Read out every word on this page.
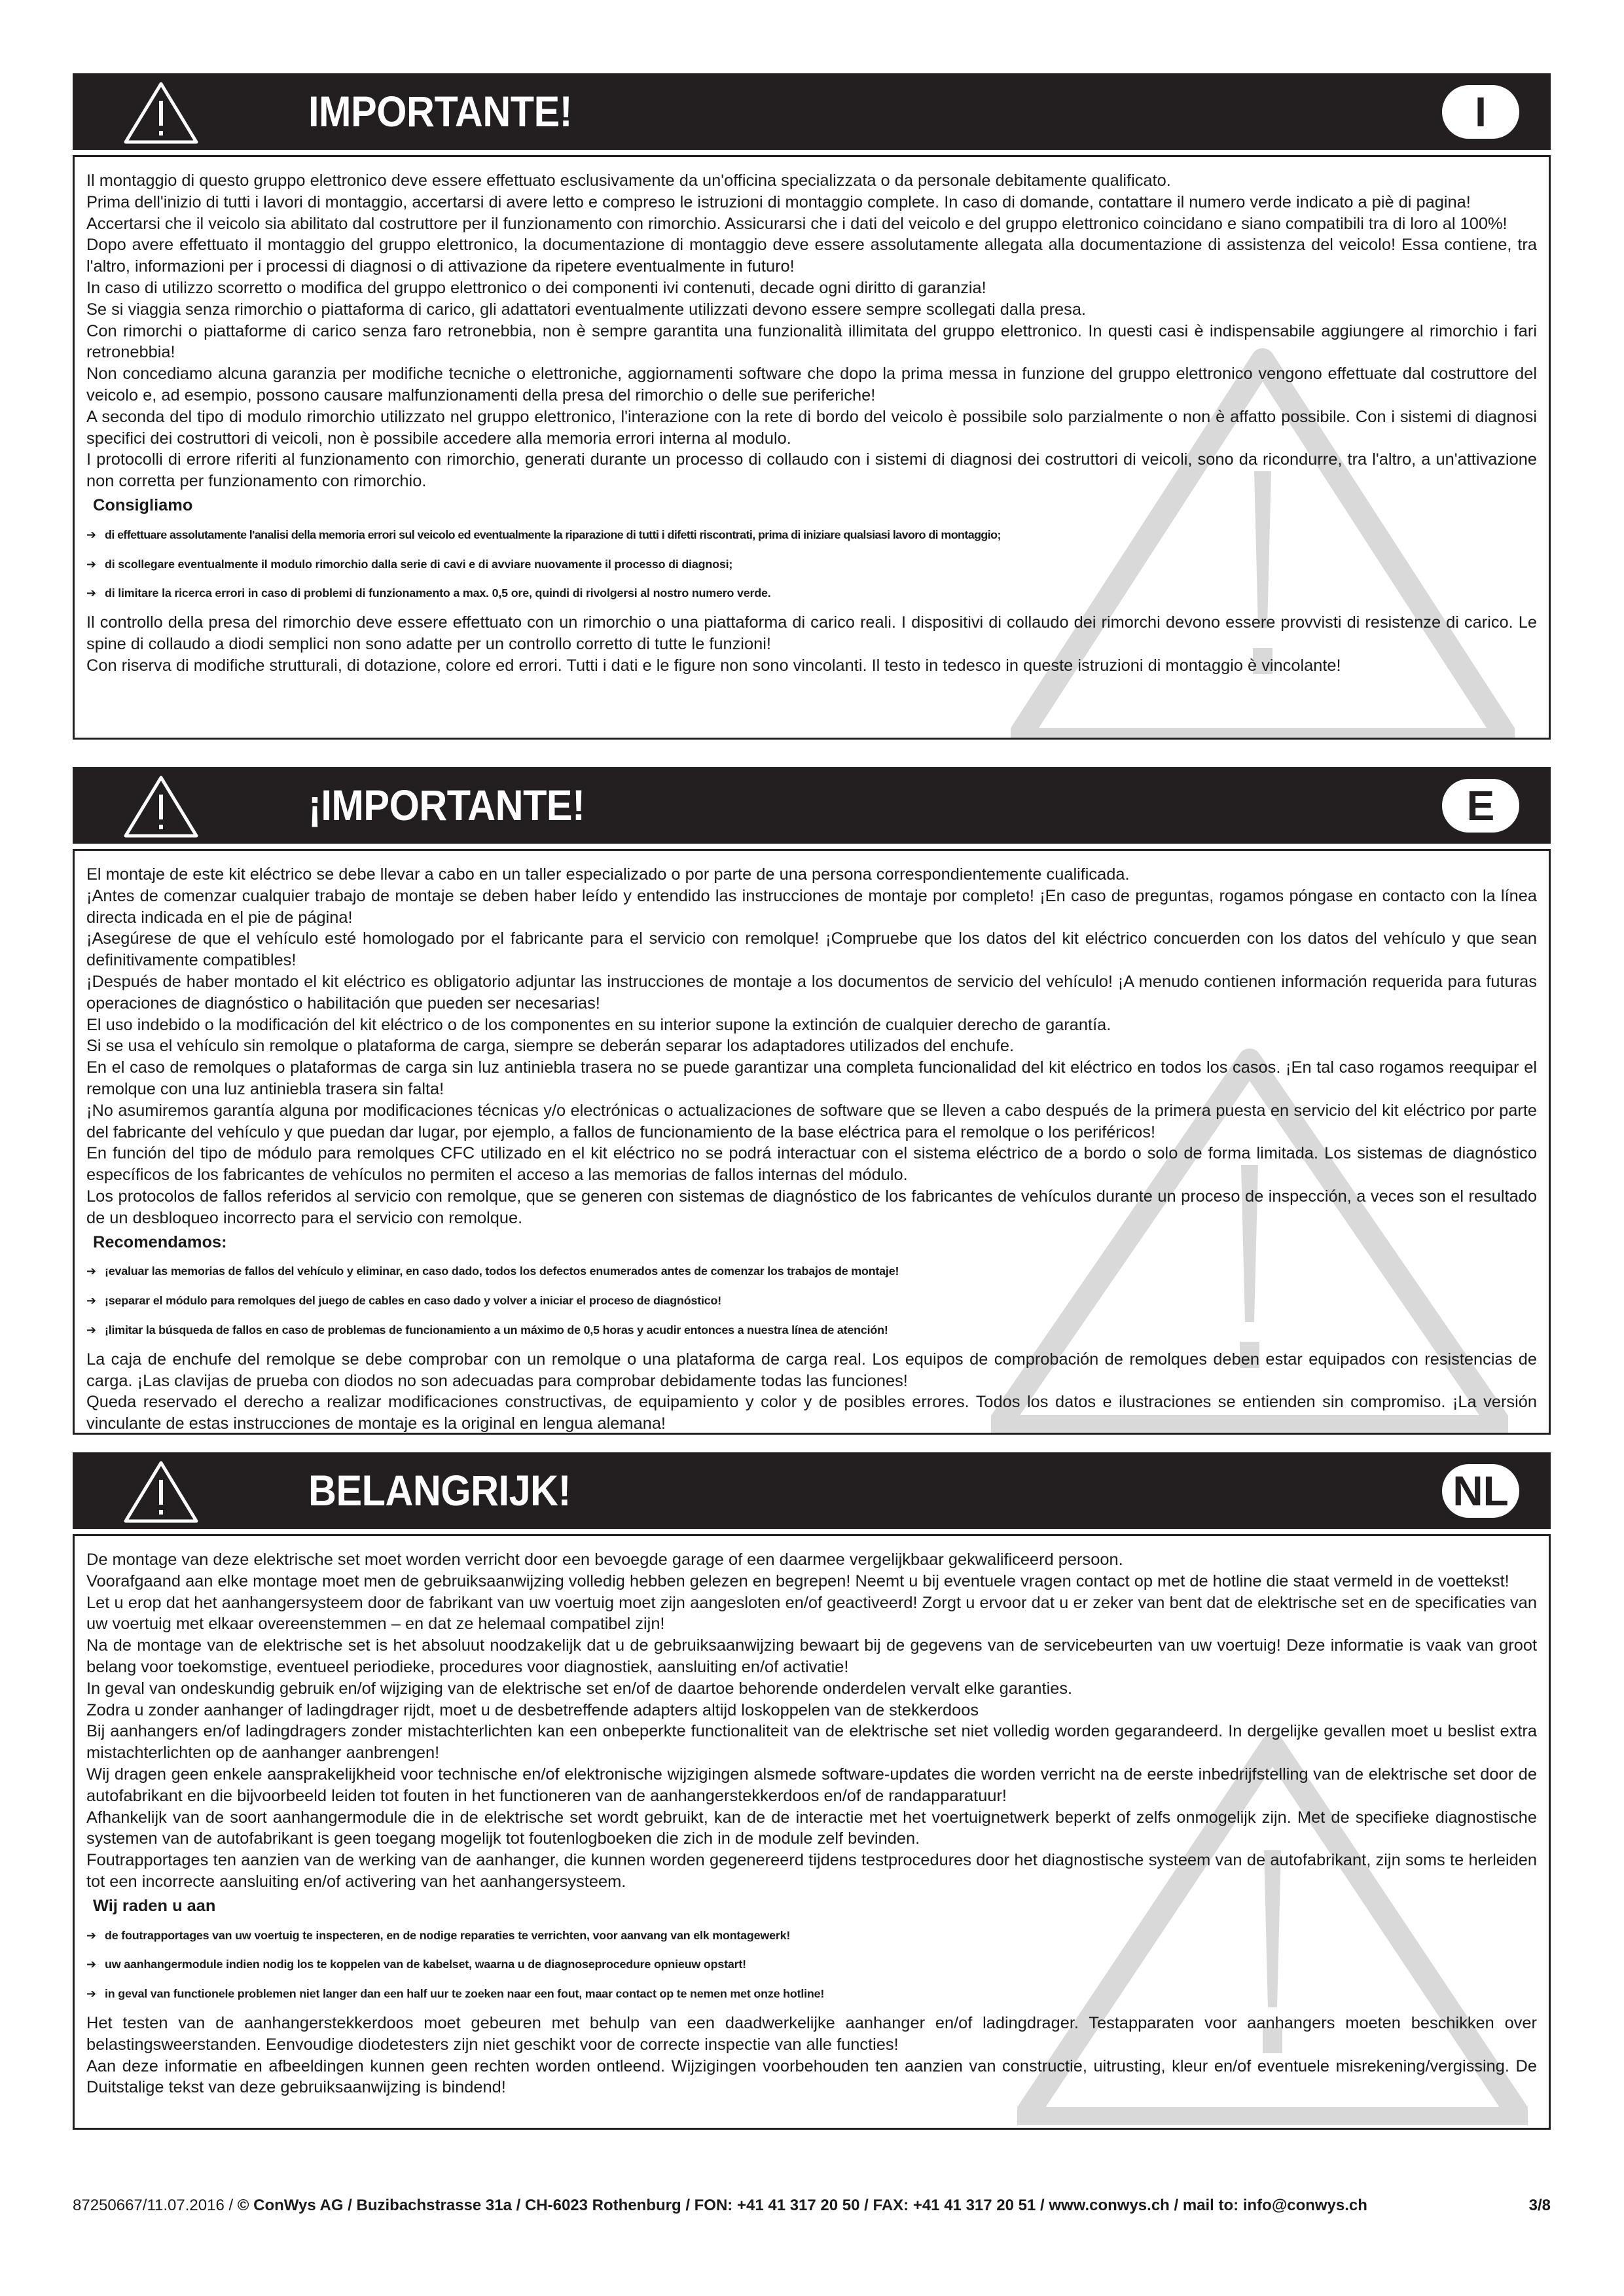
IMPORTANTE!	I

Il montaggio di questo gruppo elettronico deve essere effettuato esclusivamente da un'officina specializzata o da personale debitamente qualificato.

Prima dell'inizio di tutti i lavori di montaggio, accertarsi di avere letto e compreso le istruzioni di montaggio complete. In caso di domande, contattare il numero verde indicato a piè di pagina!

Accertarsi che il veicolo sia abilitato dal costruttore per il funzionamento con rimorchio. Assicurarsi che i dati del veicolo e del gruppo elettronico coincidano e siano compatibili tra di loro al 100%!

Dopo avere effettuato il montaggio del gruppo elettronico, la documentazione di montaggio deve essere assolutamente allegata alla documentazione di assistenza del veicolo! Essa contiene, tra l'altro, informazioni per i processi di diagnosi o di attivazione da ripetere eventualmente in futuro!

In caso di utilizzo scorretto o modifica del gruppo elettronico o dei componenti ivi contenuti, decade ogni diritto di garanzia!

Se si viaggia senza rimorchio o piattaforma di carico, gli adattatori eventualmente utilizzati devono essere sempre scollegati dalla presa.

Con rimorchi o piattaforme di carico senza faro retronebbia, non è sempre garantita una funzionalità illimitata del gruppo elettronico. In questi casi è indispensabile aggiungere al rimorchio i fari retronebbia!

Non concediamo alcuna garanzia per modifiche tecniche o elettroniche, aggiornamenti software che dopo la prima messa in funzione del gruppo elettronico vengono effettuate dal costruttore del veicolo e, ad esempio, possono causare malfunzionamenti della presa del rimorchio o delle sue periferiche!

A seconda del tipo di modulo rimorchio utilizzato nel gruppo elettronico, l'interazione con la rete di bordo del veicolo è possibile solo parzialmente o non è affatto possibile. Con i sistemi di diagnosi specifici dei costruttori di veicoli, non è possibile accedere alla memoria errori interna al modulo.

I protocolli di errore riferiti al funzionamento con rimorchio, generati durante un processo di collaudo con i sistemi di diagnosi dei costruttori di veicoli, sono da ricondurre, tra l'altro, a un'attivazione non corretta per funzionamento con rimorchio.

Consigliamo
➔ di effettuare assolutamente l'analisi della memoria errori sul veicolo ed eventualmente la riparazione di tutti i difetti riscontrati, prima di iniziare qualsiasi lavoro di montaggio;
➔ di scollegare eventualmente il modulo rimorchio dalla serie di cavi e di avviare nuovamente il processo di diagnosi;
➔ di limitare la ricerca errori in caso di problemi di funzionamento a max. 0,5 ore, quindi di rivolgersi al nostro numero verde.

Il controllo della presa del rimorchio deve essere effettuato con un rimorchio o una piattaforma di carico reali. I dispositivi di collaudo dei rimorchi devono essere provvisti di resistenze di carico. Le spine di collaudo a diodi semplici non sono adatte per un controllo corretto di tutte le funzioni!

Con riserva di modifiche strutturali, di dotazione, colore ed errori. Tutti i dati e le figure non sono vincolanti. Il testo in tedesco in queste istruzioni di montaggio è vincolante!

¡IMPORTANTE!	E

El montaje de este kit eléctrico se debe llevar a cabo en un taller especializado o por parte de una persona correspondientemente cualificada.

¡Antes de comenzar cualquier trabajo de montaje se deben haber leído y entendido las instrucciones de montaje por completo! ¡En caso de preguntas, rogamos póngase en contacto con la línea directa indicada en el pie de página!

¡Asegúrese de que el vehículo esté homologado por el fabricante para el servicio con remolque! ¡Compruebe que los datos del kit eléctrico concuerden con los datos del vehículo y que sean definitivamente compatibles!

¡Después de haber montado el kit eléctrico es obligatorio adjuntar las instrucciones de montaje a los documentos de servicio del vehículo! ¡A menudo contienen información requerida para futuras operaciones de diagnóstico o habilitación que pueden ser necesarias!

El uso indebido o la modificación del kit eléctrico o de los componentes en su interior supone la extinción de cualquier derecho de garantía.

Si se usa el vehículo sin remolque o plataforma de carga, siempre se deberán separar los adaptadores utilizados del enchufe.

En el caso de remolques o plataformas de carga sin luz antiniebla trasera no se puede garantizar una completa funcionalidad del kit eléctrico en todos los casos. ¡En tal caso rogamos reequipar el remolque con una luz antiniebla trasera sin falta!

¡No asumiremos garantía alguna por modificaciones técnicas y/o electrónicas o actualizaciones de software que se lleven a cabo después de la primera puesta en servicio del kit eléctrico por parte del fabricante del vehículo y que puedan dar lugar, por ejemplo, a fallos de funcionamiento de la base eléctrica para el remolque o los periféricos!

En función del tipo de módulo para remolques CFC utilizado en el kit eléctrico no se podrá interactuar con el sistema eléctrico de a bordo o solo de forma limitada. Los sistemas de diagnóstico específicos de los fabricantes de vehículos no permiten el acceso a las memorias de fallos internas del módulo.

Los protocolos de fallos referidos al servicio con remolque, que se generen con sistemas de diagnóstico de los fabricantes de vehículos durante un proceso de inspección, a veces son el resultado de un desbloqueo incorrecto para el servicio con remolque.

Recomendamos:
➔ ¡evaluar las memorias de fallos del vehículo y eliminar, en caso dado, todos los defectos enumerados antes de comenzar los trabajos de montaje!
➔ ¡separar el módulo para remolques del juego de cables en caso dado y volver a iniciar el proceso de diagnóstico!
➔ ¡limitar la búsqueda de fallos en caso de problemas de funcionamiento a un máximo de 0,5 horas y acudir entonces a nuestra línea de atención!

La caja de enchufe del remolque se debe comprobar con un remolque o una plataforma de carga real. Los equipos de comprobación de remolques deben estar equipados con resistencias de carga. ¡Las clavijas de prueba con diodos no son adecuadas para comprobar debidamente todas las funciones!

Queda reservado el derecho a realizar modificaciones constructivas, de equipamiento y color y de posibles errores. Todos los datos e ilustraciones se entienden sin compromiso. ¡La versión vinculante de estas instrucciones de montaje es la original en lengua alemana!

BELANGRIJK!	NL

De montage van deze elektrische set moet worden verricht door een bevoegde garage of een daarmee vergelijkbaar gekwalificeerd persoon.

Voorafgaand aan elke montage moet men de gebruiksaanwijzing volledig hebben gelezen en begrepen! Neemt u bij eventuele vragen contact op met de hotline die staat vermeld in de voettekst!

Let u erop dat het aanhangersysteem door de fabrikant van uw voertuig moet zijn aangesloten en/of geactiveerd! Zorgt u ervoor dat u er zeker van bent dat de elektrische set en de specificaties van uw voertuig met elkaar overeenstemmen – en dat ze helemaal compatibel zijn!

Na de montage van de elektrische set is het absoluut noodzakelijk dat u de gebruiksaanwijzing bewaart bij de gegevens van de servicebeurten van uw voertuig! Deze informatie is vaak van groot belang voor toekomstige, eventueel periodieke, procedures voor diagnostiek, aansluiting en/of activatie!

In geval van ondeskundig gebruik en/of wijziging van de elektrische set en/of de daartoe behorende onderdelen vervalt elke garanties.

Zodra u zonder aanhanger of ladingdrager rijdt, moet u de desbetreffende adapters altijd loskoppelen van de stekkerdoos

Bij aanhangers en/of ladingdragers zonder mistachterlichten kan een onbeperkte functionaliteit van de elektrische set niet volledig worden gegarandeerd. In dergelijke gevallen moet u beslist extra mistachterlichten op de aanhanger aanbrengen!

Wij dragen geen enkele aansprakelijkheid voor technische en/of elektronische wijzigingen alsmede software-updates die worden verricht na de eerste inbedrijfstelling van de elektrische set door de autofabrikant en die bijvoorbeeld leiden tot fouten in het functioneren van de aanhangerstekkerdoos en/of de randapparatuur!

Afhankelijk van de soort aanhangermodule die in de elektrische set wordt gebruikt, kan de de interactie met het voertuignetwerk beperkt of zelfs onmogelijk zijn. Met de specifieke diagnostische systemen van de autofabrikant is geen toegang mogelijk tot foutenlogboeken die zich in de module zelf bevinden.

Foutrapportages ten aanzien van de werking van de aanhanger, die kunnen worden gegenereerd tijdens testprocedures door het diagnostische systeem van de autofabrikant, zijn soms te herleiden tot een incorrecte aansluiting en/of activering van het aanhangersysteem.

Wij raden u aan
➔ de foutrapportages van uw voertuig te inspecteren, en de nodige reparaties te verrichten, voor aanvang van elk montagewerk!
➔ uw aanhangermodule indien nodig los te koppelen van de kabelset, waarna u de diagnoseprocedure opnieuw opstart!
➔ in geval van functionele problemen niet langer dan een half uur te zoeken naar een fout, maar contact op te nemen met onze hotline!

Het testen van de aanhangerstekkerdoos moet gebeuren met behulp van een daadwerkelijke aanhanger en/of ladingdrager. Testapparaten voor aanhangers moeten beschikken over belastingsweerstanden. Eenvoudige diodetesters zijn niet geschikt voor de correcte inspectie van alle functies!

Aan deze informatie en afbeeldingen kunnen geen rechten worden ontleend. Wijzigingen voorbehouden ten aanzien van constructie, uitrusting, kleur en/of eventuele misrekening/vergissing. De Duitstalige tekst van deze gebruiksaanwijzing is bindend!

87250667/11.07.2016 / © ConWys AG / Buzibachstrasse 31a / CH-6023 Rothenburg / FON: +41 41 317 20 50 / FAX: +41 41 317 20 51 / www.conwys.ch / mail to: info@conwys.ch	3/8
